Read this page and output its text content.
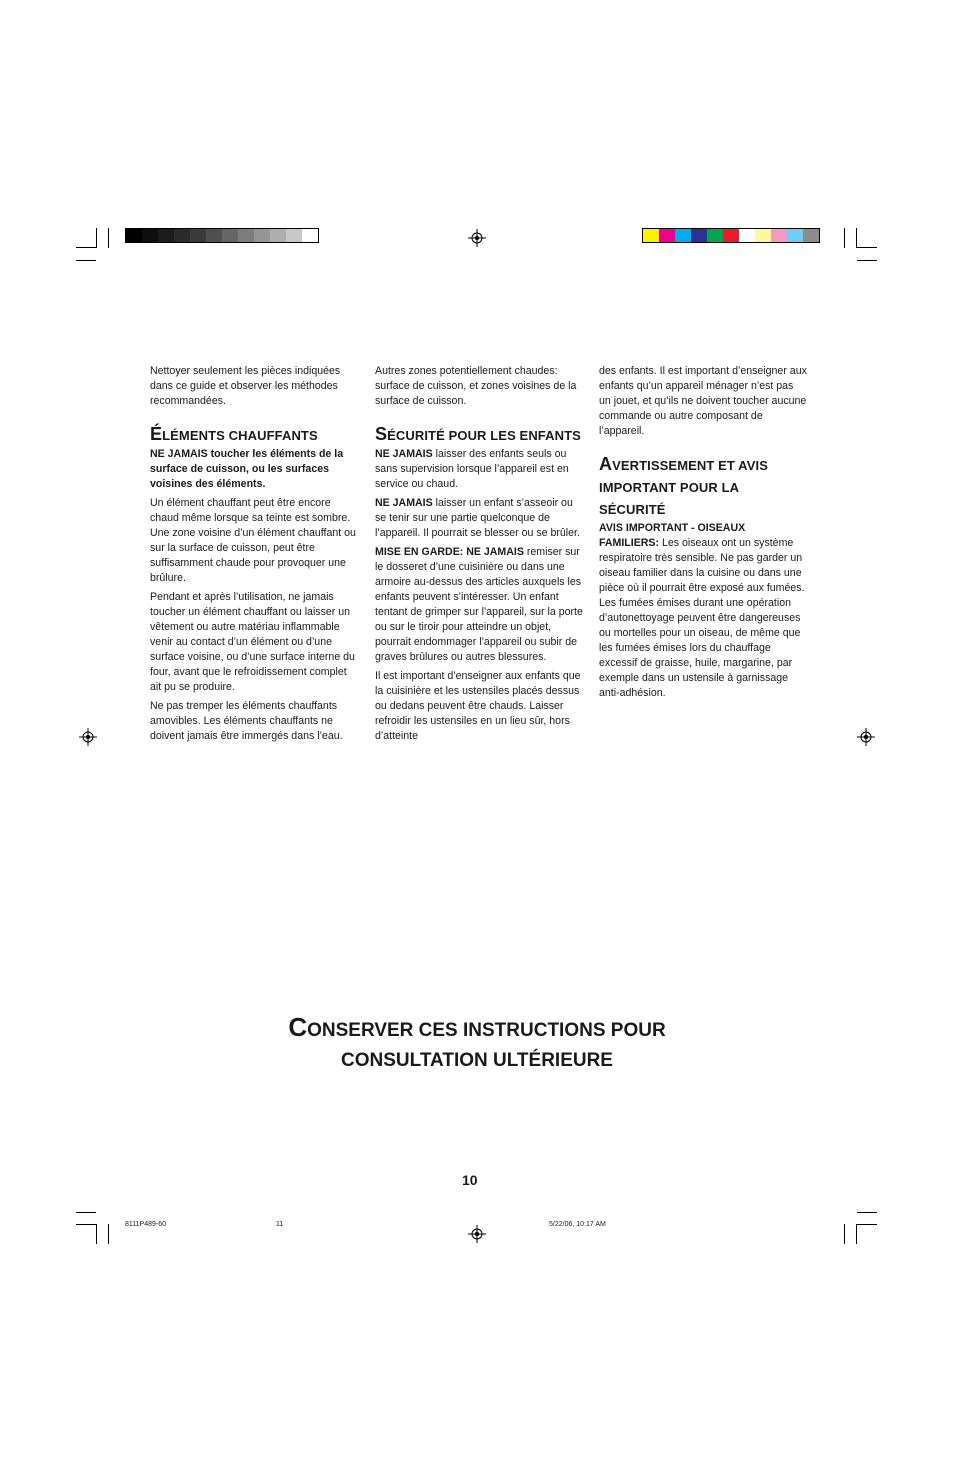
Nettoyer seulement les pièces indiquées dans ce guide et observer les méthodes recommandées.

ÉLÉMENTS CHAUFFANTS

NE JAMAIS toucher les éléments de la surface de cuisson, ou les surfaces voisines des éléments.

Un élément chauffant peut être encore chaud même lorsque sa teinte est sombre. Une zone voisine d’un élément chauffant ou sur la surface de cuisson, peut être suffisamment chaude pour provoquer une brûlure.

Pendant et après l’utilisation, ne jamais toucher un élément chauffant ou laisser un vêtement ou autre matériau inflammable venir au contact d’un élément ou d’une surface voisine, ou d’une surface interne du four, avant que le refroidissement complet ait pu se produire.

Ne pas tremper les éléments chauffants amovibles. Les éléments chauffants ne doivent jamais être immergés dans l’eau.

Autres zones potentiellement chaudes: surface de cuisson, et zones voisines de la surface de cuisson.

SÉCURITÉ POUR LES ENFANTS

NE JAMAIS laisser des enfants seuls ou sans supervision lorsque l’appareil est en service ou chaud.

NE JAMAIS laisser un enfant s’asseoir ou se tenir sur une partie quelconque de l’appareil. Il pourrait se blesser ou se brûler.

MISE EN GARDE: NE JAMAIS remiser sur le dosseret d’une cuisinière ou dans une armoire au-dessus des articles auxquels les enfants peuvent s’intéresser. Un enfant tentant de grimper sur l’appareil, sur la porte ou sur le tiroir pour atteindre un objet, pourrait endommager l’appareil ou subir de graves brûlures ou autres blessures.

Il est important d’enseigner aux enfants que la cuisinière et les ustensiles placés dessus ou dedans peuvent être chauds. Laisser refroidir les ustensiles en un lieu sûr, hors d’atteinte

des enfants. Il est important d’enseigner aux enfants qu’un appareil ménager n’est pas un jouet, et qu’ils ne doivent toucher aucune commande ou autre composant de l’appareil.

AVERTISSEMENT ET AVIS IMPORTANT POUR LA SÉCURITÉ

AVIS IMPORTANT - OISEAUX FAMILIERS: Les oiseaux ont un système respiratoire très sensible. Ne pas garder un oiseau familier dans la cuisine ou dans une pièce où il pourrait être exposé aux fumées. Les fumées émises durant une opération d’autonettoyage peuvent être dangereuses ou mortelles pour un oiseau, de même que les fumées émises lors du chauffage excessif de graisse, huile, margarine, par exemple dans un ustensile à garnissage anti-adhésion.

CONSERVER CES INSTRUCTIONS POUR
CONSULTATION ULTÉRIEURE
10
8111P489-60	11	5/22/06, 10:17 AM
